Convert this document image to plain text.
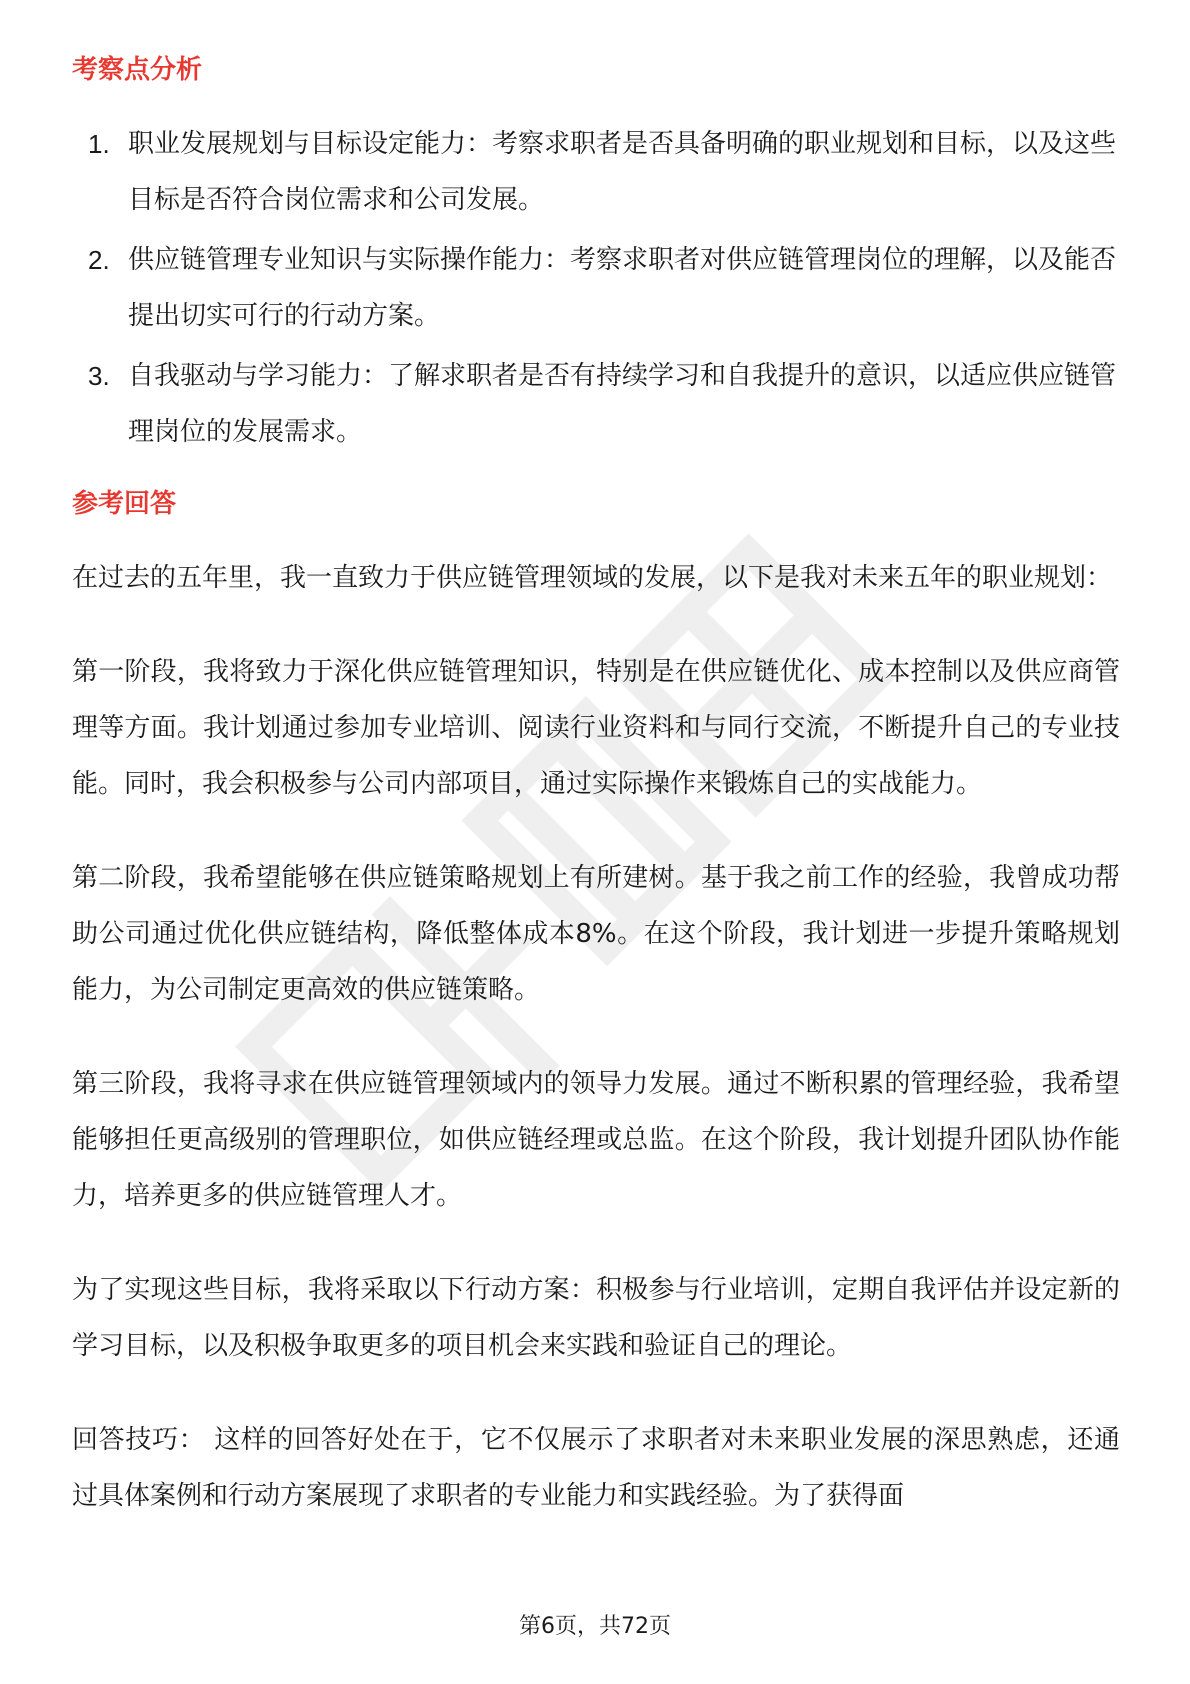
考察点分析
1. 职业发展规划与目标设定能力：考察求职者是否具备明确的职业规划和目标，以及这些目标是否符合岗位需求和公司发展。
2. 供应链管理专业知识与实际操作能力：考察求职者对供应链管理岗位的理解，以及能否提出切实可行的行动方案。
3. 自我驱动与学习能力：了解求职者是否有持续学习和自我提升的意识，以适应供应链管理岗位的发展需求。
参考回答

在过去的五年里，我一直致力于供应链管理领域的发展，以下是我对未来五年的职业规划：

第一阶段，我将致力于深化供应链管理知识，特别是在供应链优化、成本控制以及供应商管理等方面。我计划通过参加专业培训、阅读行业资料和与同行交流，不断提升自己的专业技能。同时，我会积极参与公司内部项目，通过实际操作来锻炼自己的实战能力。

第二阶段，我希望能够在供应链策略规划上有所建树。基于我之前工作的经验，我曾成功帮助公司通过优化供应链结构，降低整体成本8%。在这个阶段，我计划进一步提升策略规划能力，为公司制定更高效的供应链策略。

第三阶段，我将寻求在供应链管理领域内的领导力发展。通过不断积累的管理经验，我希望能够担任更高级别的管理职位，如供应链经理或总监。在这个阶段，我计划提升团队协作能力，培养更多的供应链管理人才。

为了实现这些目标，我将采取以下行动方案：积极参与行业培训，定期自我评估并设定新的学习目标，以及积极争取更多的项目机会来实践和验证自己的理论。

回答技巧： 这样的回答好处在于，它不仅展示了求职者对未来职业发展的深思熟虑，还通过具体案例和行动方案展现了求职者的专业能力和实践经验。为了获得面

第6页，共72页
